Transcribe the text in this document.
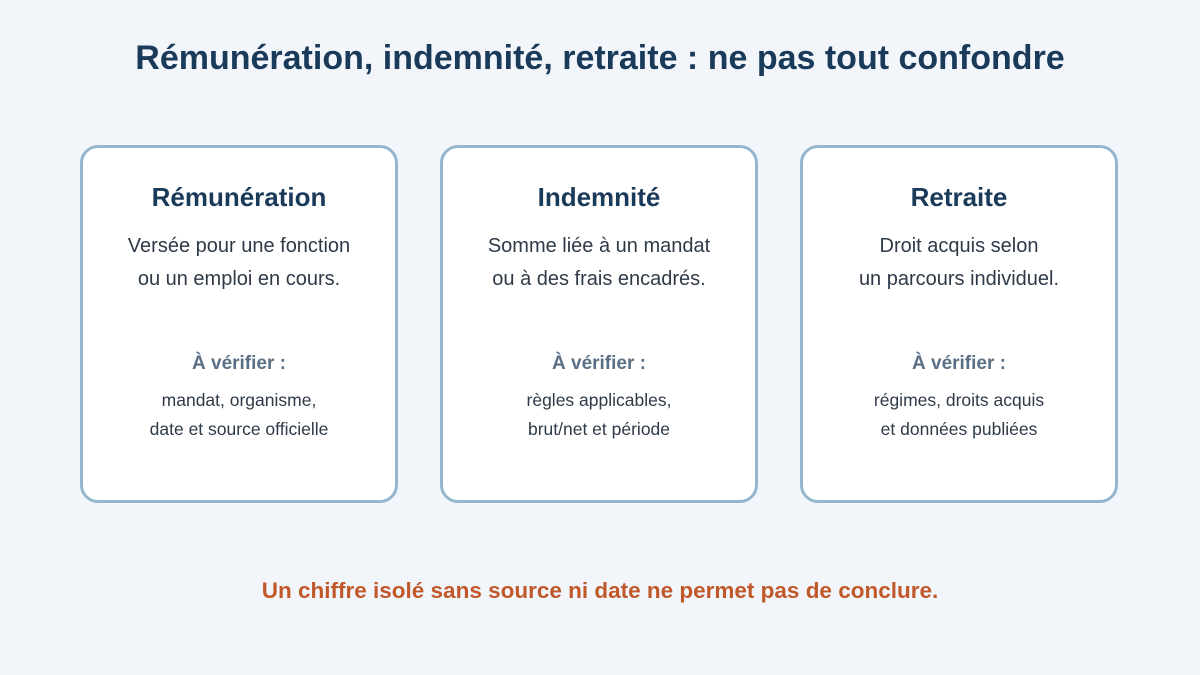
Rémunération, indemnité, retraite : ne pas tout confondre
Rémunération
Versée pour une fonction
ou un emploi en cours.
À vérifier :
mandat, organisme,
date et source officielle
Indemnité
Somme liée à un mandat
ou à des frais encadrés.
À vérifier :
règles applicables,
brut/net et période
Retraite
Droit acquis selon
un parcours individuel.
À vérifier :
régimes, droits acquis
et données publiées
Un chiffre isolé sans source ni date ne permet pas de conclure.
